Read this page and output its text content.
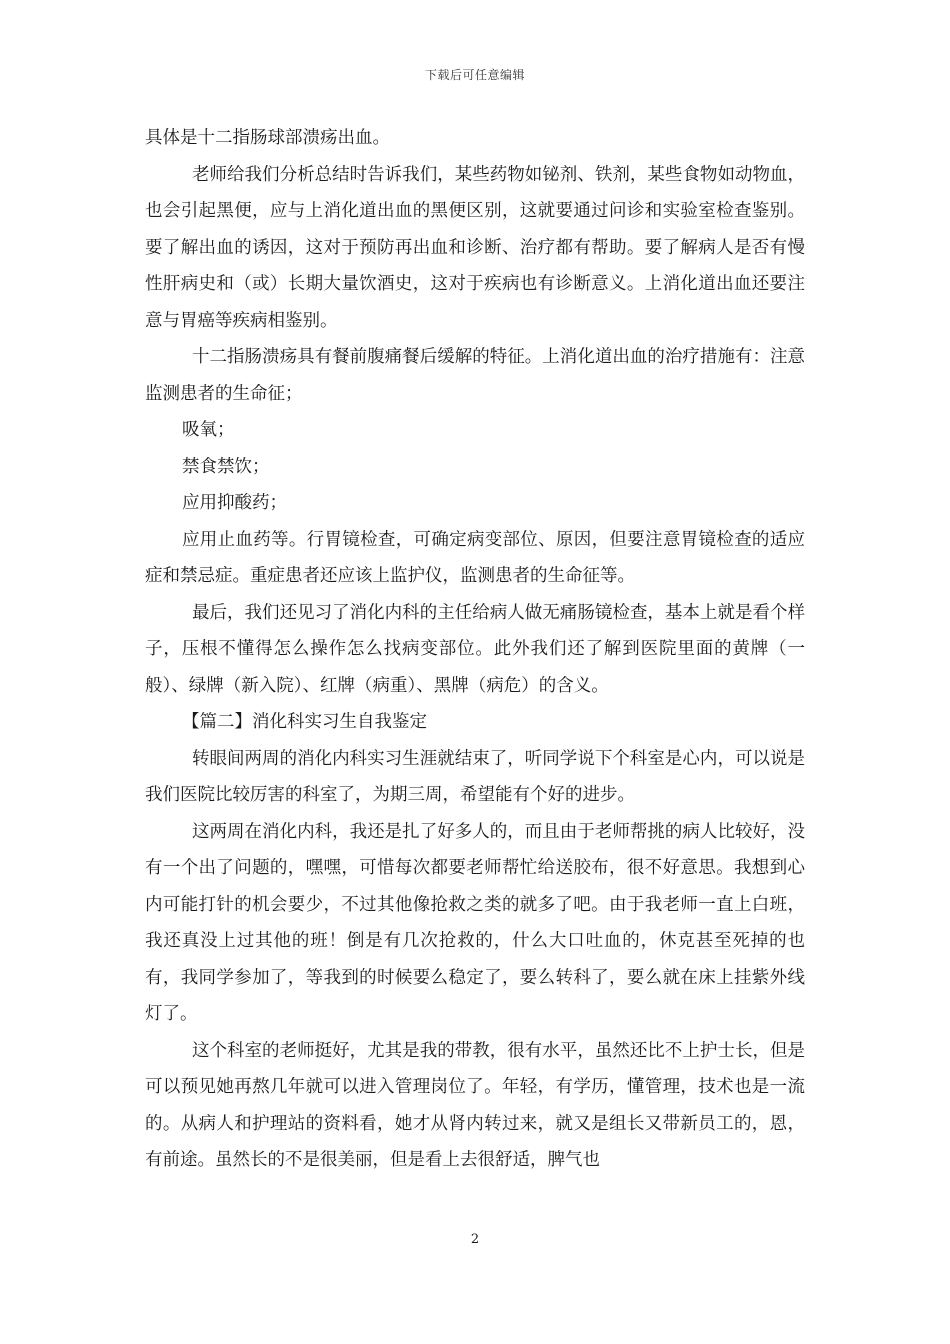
下载后可任意编辑

具体是十二指肠球部溃疡出血。

老师给我们分析总结时告诉我们，某些药物如铋剂、铁剂，某些食物如动物血，也会引起黑便，应与上消化道出血的黑便区别，这就要通过问诊和实验室检查鉴别。要了解出血的诱因，这对于预防再出血和诊断、治疗都有帮助。要了解病人是否有慢性肝病史和（或）长期大量饮酒史，这对于疾病也有诊断意义。上消化道出血还要注意与胃癌等疾病相鉴别。

十二指肠溃疡具有餐前腹痛餐后缓解的特征。上消化道出血的治疗措施有：注意监测患者的生命征；

吸氧；

禁食禁饮；

应用抑酸药；

应用止血药等。行胃镜检查，可确定病变部位、原因，但要注意胃镜检查的适应症和禁忌症。重症患者还应该上监护仪，监测患者的生命征等。

最后，我们还见习了消化内科的主任给病人做无痛肠镜检查，基本上就是看个样子，压根不懂得怎么操作怎么找病变部位。此外我们还了解到医院里面的黄牌（一般）、绿牌（新入院）、红牌（病重）、黑牌（病危）的含义。

【篇二】消化科实习生自我鉴定

转眼间两周的消化内科实习生涯就结束了，听同学说下个科室是心内，可以说是我们医院比较厉害的科室了，为期三周，希望能有个好的进步。

这两周在消化内科，我还是扎了好多人的，而且由于老师帮挑的病人比较好，没有一个出了问题的，嘿嘿，可惜每次都要老师帮忙给送胶布，很不好意思。我想到心内可能打针的机会要少，不过其他像抢救之类的就多了吧。由于我老师一直上白班，我还真没上过其他的班！倒是有几次抢救的，什么大口吐血的，休克甚至死掉的也有，我同学参加了，等我到的时候要么稳定了，要么转科了，要么就在床上挂紫外线灯了。

这个科室的老师挺好，尤其是我的带教，很有水平，虽然还比不上护士长，但是可以预见她再熬几年就可以进入管理岗位了。年轻，有学历，懂管理，技术也是一流的。从病人和护理站的资料看，她才从肾内转过来，就又是组长又带新员工的，恩，有前途。虽然长的不是很美丽，但是看上去很舒适，脾气也

2
